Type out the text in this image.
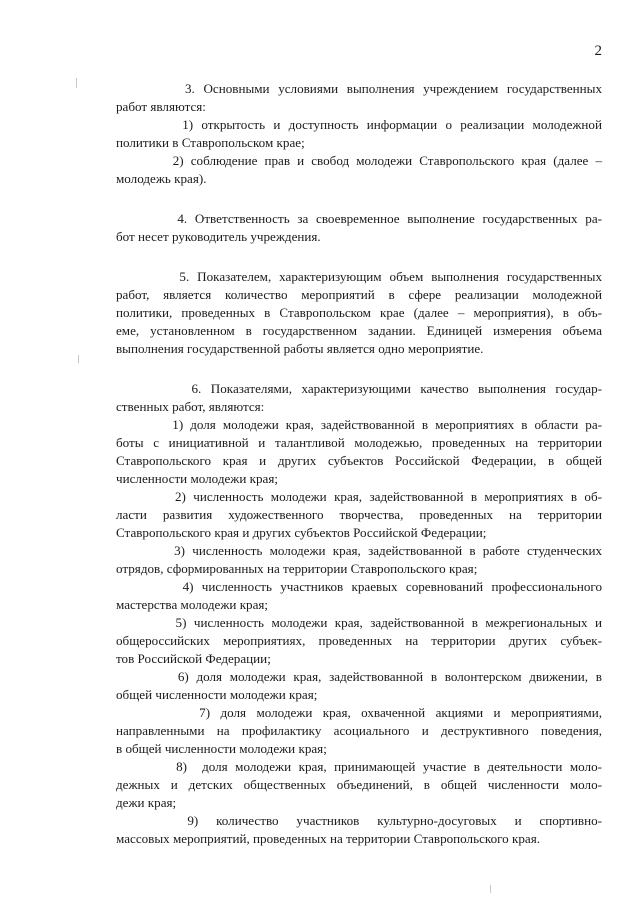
2
3. Основными условиями выполнения учреждением государственных
работ являются:
1) открытость и доступность информации о реализации молодежной
политики в Ставропольском крае;
2) соблюдение прав и свобод молодежи Ставропольского края (далее –
молодежь края).
4. Ответственность за своевременное выполнение государственных ра-
бот несет руководитель учреждения.
5. Показателем, характеризующим объем выполнения государственных
работ, является количество мероприятий в сфере реализации молодежной
политики, проведенных в Ставропольском крае (далее – мероприятия), в объ-
еме, установленном в государственном задании. Единицей измерения объема
выполнения государственной работы является одно мероприятие.
6. Показателями, характеризующими качество выполнения государ-
ственных работ, являются:
1) доля молодежи края, задействованной в мероприятиях в области ра-
боты с инициативной и талантливой молодежью, проведенных на территории
Ставропольского края и других субъектов Российской Федерации, в общей
численности молодежи края;
2) численность молодежи края, задействованной в мероприятиях в об-
ласти развития художественного творчества, проведенных на территории
Ставропольского края и других субъектов Российской Федерации;
3) численность молодежи края, задействованной в работе студенческих
отрядов, сформированных на территории Ставропольского края;
4) численность участников краевых соревнований профессионального
мастерства молодежи края;
5) численность молодежи края, задействованной в межрегиональных и
общероссийских мероприятиях, проведенных на территории других субъек-
тов Российской Федерации;
6) доля молодежи края, задействованной в волонтерском движении, в
общей численности молодежи края;
7) доля молодежи края, охваченной акциями и мероприятиями,
направленными на профилактику асоциального и деструктивного поведения,
в общей численности молодежи края;
8)  доля молодежи края, принимающей участие в деятельности моло-
дежных и детских общественных объединений, в общей численности моло-
дежи края;
9)  количество  участников  культурно-досуговых  и  спортивно-
массовых мероприятий, проведенных на территории Ставропольского края.
